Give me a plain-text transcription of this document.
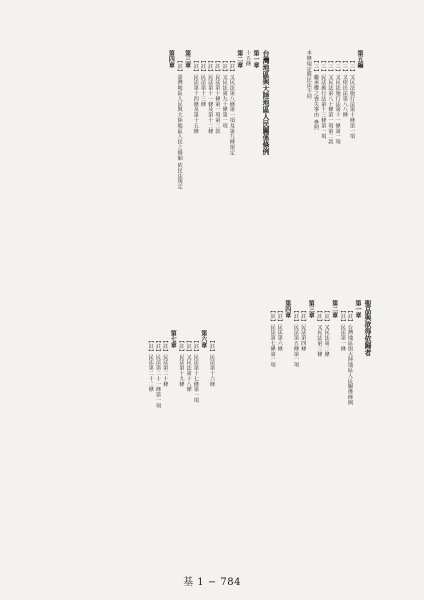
第五編
【三】又民法施行法第十條第一項
【三】又依民法第八八條
【三】又民法施行法第十一條第一項
【三】又民法第八十條第一項第二款
【三】民法施行法第十三條第一項
【三】繼承權之喪失事由 參照
本條規定與民法不同
台灣地區與大陸地區人民關係條例
第一章
十五條
第二章
【註】又民法第八條第一項及第九條規定
【註】又民法第九十條第一項
【註】民法第十條第一項第二款
【註】民法第十一條及第十二條
【註】民法第十三條
【註】民法第十四條及第十五條
第三章
【註】臺灣地區人民與大陸地區人民之婚姻 依民法規定
第四章
聖品與欲得依歸者
第一章
【註】台灣地區與大陸地區人民關係條例
【註】民法第一條
第二章
【註】又民法第二條
【註】又民法第三條
第三章
【註】民法第四條
【註】民法第五條第一項
第四章
【註】民法第六條
【註】民法第七條第一項
【註】民法第十六條
第六章
【註】民法第十七條第一項
【註】又民法第十八條
【註】民法第十九條
第七章
【註】民法第二十條
【註】民法第二十一條第一項
【註】民法第二十二條
基 1 − 784
